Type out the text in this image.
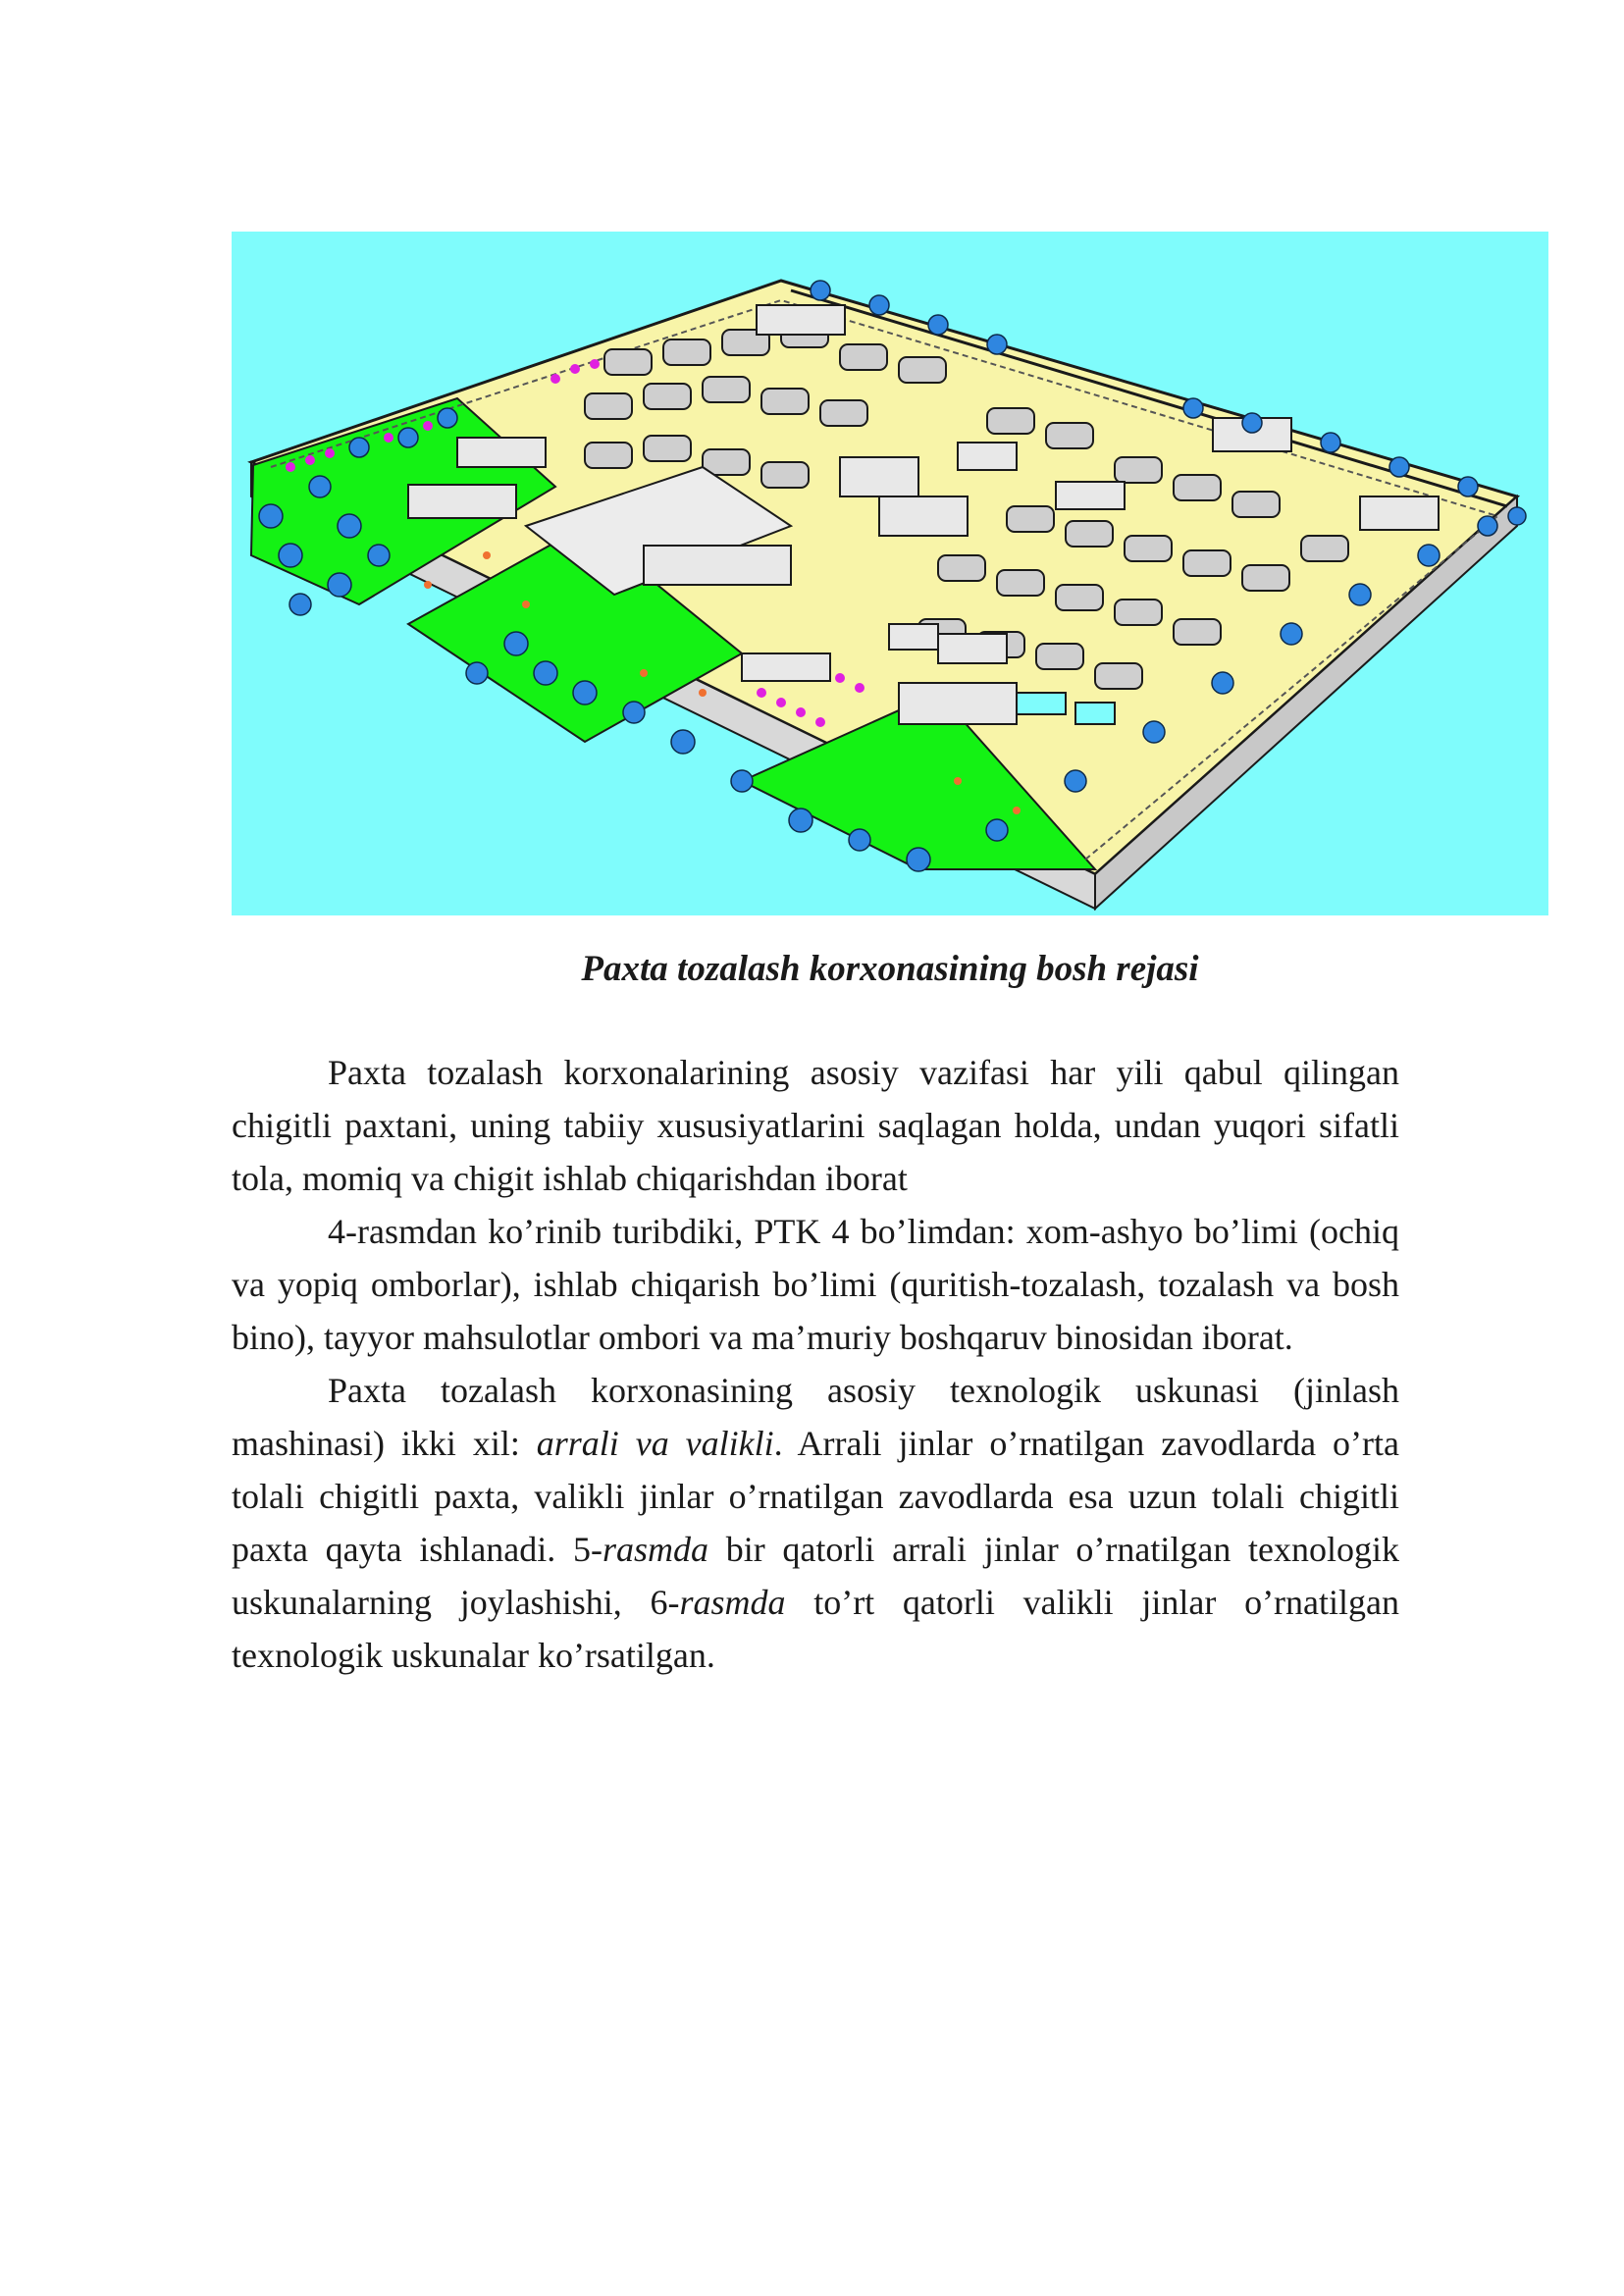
Paxta tozalash korxonasining bosh rejasi

Paxta tozalash korxonalarining asosiy vazifasi har yili qabul qilingan chigitli paxtani, uning tabiiy xususiyatlarini saqlagan holda, undan yuqori sifatli tola, momiq va chigit ishlab chiqarishdan iborat

4-rasmdan ko’rinib turibdiki, PTK 4 bo’limdan: xom-ashyo bo’limi (ochiq va yopiq omborlar), ishlab chiqarish bo’limi (quritish-tozalash, tozalash va bosh bino), tayyor mahsulotlar ombori va ma’muriy boshqaruv binosidan iborat.

Paxta tozalash korxonasining asosiy texnologik uskunasi (jinlash mashinasi) ikki xil: arrali va valikli. Arrali jinlar o’rnatilgan zavodlarda o’rta tolali chigitli paxta, valikli jinlar o’rnatilgan zavodlarda esa uzun tolali chigitli paxta qayta ishlanadi. 5-rasmda bir qatorli arrali jinlar o’rnatilgan texnologik uskunalarning joylashishi, 6-rasmda to’rt qatorli valikli jinlar o’rnatilgan texnologik uskunalar ko’rsatilgan.
